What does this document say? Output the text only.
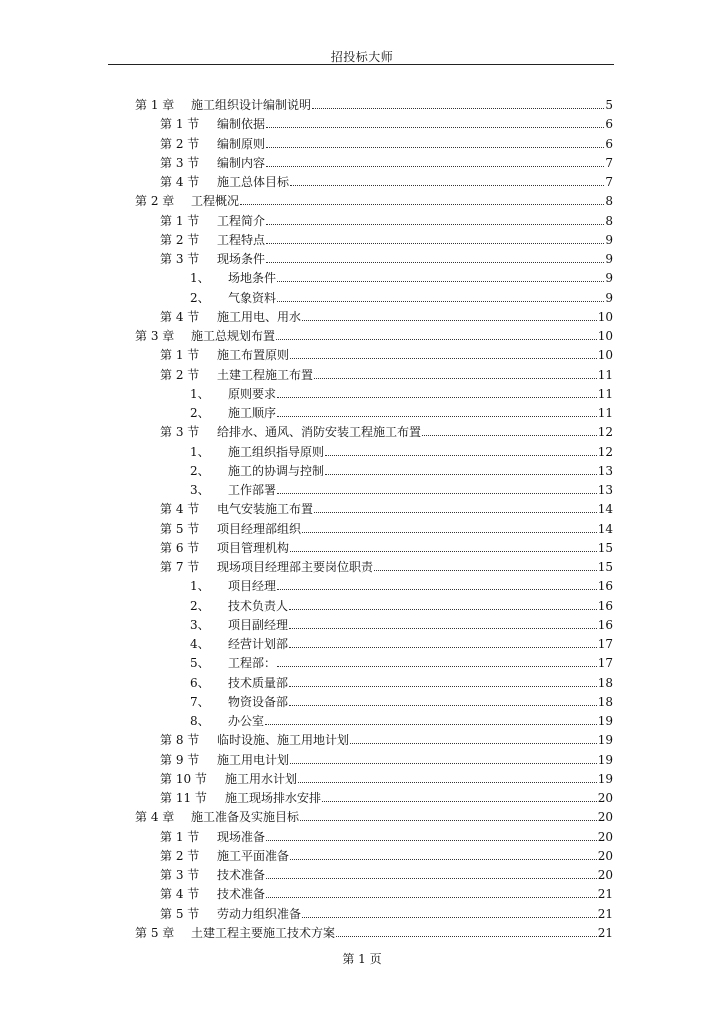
招投标大师
第 1 章	施工组织设计编制说明	5
第 1 节	编制依据	6
第 2 节	编制原则	6
第 3 节	编制内容	7
第 4 节	施工总体目标	7
第 2 章	工程概况	8
第 1 节	工程简介	8
第 2 节	工程特点	9
第 3 节	现场条件	9
1、	场地条件	9
2、	气象资料	9
第 4 节	施工用电、用水	10
第 3 章	施工总规划布置	10
第 1 节	施工布置原则	10
第 2 节	土建工程施工布置	11
1、	原则要求	11
2、	施工顺序	11
第 3 节	给排水、通风、消防安装工程施工布置	12
1、	施工组织指导原则	12
2、	施工的协调与控制	13
3、	工作部署	13
第 4 节	电气安装施工布置	14
第 5 节	项目经理部组织	14
第 6 节	项目管理机构	15
第 7 节	现场项目经理部主要岗位职责	15
1、	项目经理	16
2、	技术负责人	16
3、	项目副经理	16
4、	经营计划部	17
5、	工程部：	17
6、	技术质量部	18
7、	物资设备部	18
8、	办公室	19
第 8 节	临时设施、施工用地计划	19
第 9 节	施工用电计划	19
第 10 节	施工用水计划	19
第 11 节	施工现场排水安排	20
第 4 章	施工准备及实施目标	20
第 1 节	现场准备	20
第 2 节	施工平面准备	20
第 3 节	技术准备	20
第 4 节	技术准备	21
第 5 节	劳动力组织准备	21
第 5 章	土建工程主要施工技术方案	21
第 1 页
